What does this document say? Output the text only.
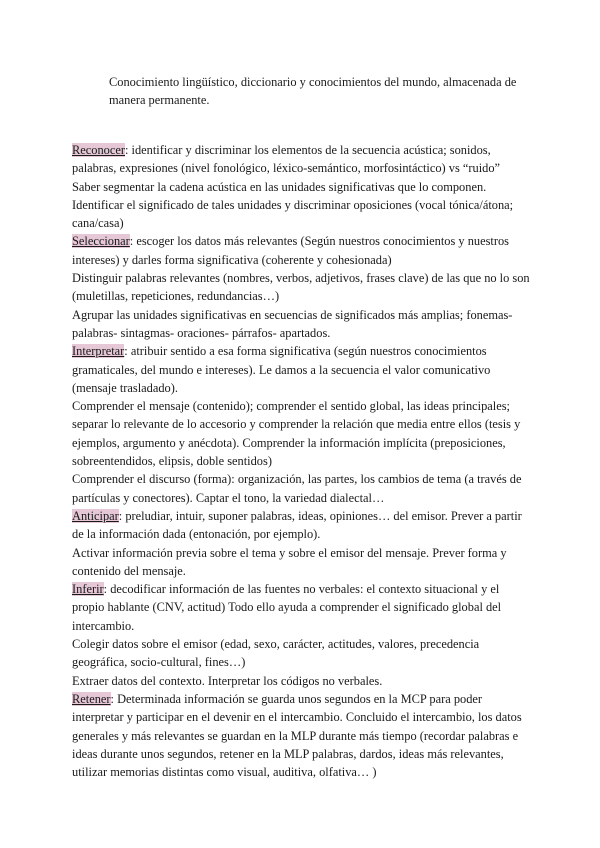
Conocimiento lingüístico, diccionario y conocimientos del mundo, almacenada de manera permanente.

Reconocer: identificar y discriminar los elementos de la secuencia acústica; sonidos, palabras, expresiones (nivel fonológico, léxico-semántico, morfosintáctico) vs “ruido”

Saber segmentar la cadena acústica en las unidades significativas que lo componen.

Identificar el significado de tales unidades y discriminar oposiciones (vocal tónica/átona; cana/casa)

Seleccionar: escoger los datos más relevantes (Según nuestros conocimientos y nuestros intereses) y darles forma significativa (coherente y cohesionada)

Distinguir palabras relevantes (nombres, verbos, adjetivos, frases clave) de las que no lo son (muletillas, repeticiones, redundancias…)

Agrupar las unidades significativas en secuencias de significados más amplias; fonemas- palabras- sintagmas- oraciones- párrafos- apartados.

Interpretar: atribuir sentido a esa forma significativa (según nuestros conocimientos gramaticales, del mundo e intereses). Le damos a la secuencia el valor comunicativo (mensaje trasladado).

Comprender el mensaje (contenido); comprender el sentido global, las ideas principales; separar lo relevante de lo accesorio y comprender la relación que media entre ellos (tesis y ejemplos, argumento y anécdota). Comprender la información implícita (preposiciones, sobreentendidos, elipsis, doble sentidos)

Comprender el discurso (forma): organización, las partes, los cambios de tema (a través de partículas y conectores). Captar el tono, la variedad dialectal…

Anticipar: preludiar, intuir, suponer palabras, ideas, opiniones… del emisor. Prever a partir de la información dada (entonación, por ejemplo).

Activar información previa sobre el tema y sobre el emisor del mensaje. Prever forma y contenido del mensaje.

Inferir: decodificar información de las fuentes no verbales: el contexto situacional y el propio hablante (CNV, actitud) Todo ello ayuda a comprender el significado global del intercambio.

Colegir datos sobre el emisor (edad, sexo, carácter, actitudes, valores, precedencia geográfica, socio-cultural, fines…)

Extraer datos del contexto. Interpretar los códigos no verbales.

Retener: Determinada información se guarda unos segundos en la MCP para poder interpretar y participar en el devenir en el intercambio. Concluido el intercambio, los datos generales y más relevantes se guardan en la MLP durante más tiempo (recordar palabras e ideas durante unos segundos, retener en la MLP palabras, dardos, ideas más relevantes, utilizar memorias distintas como visual, auditiva, olfativa… )
